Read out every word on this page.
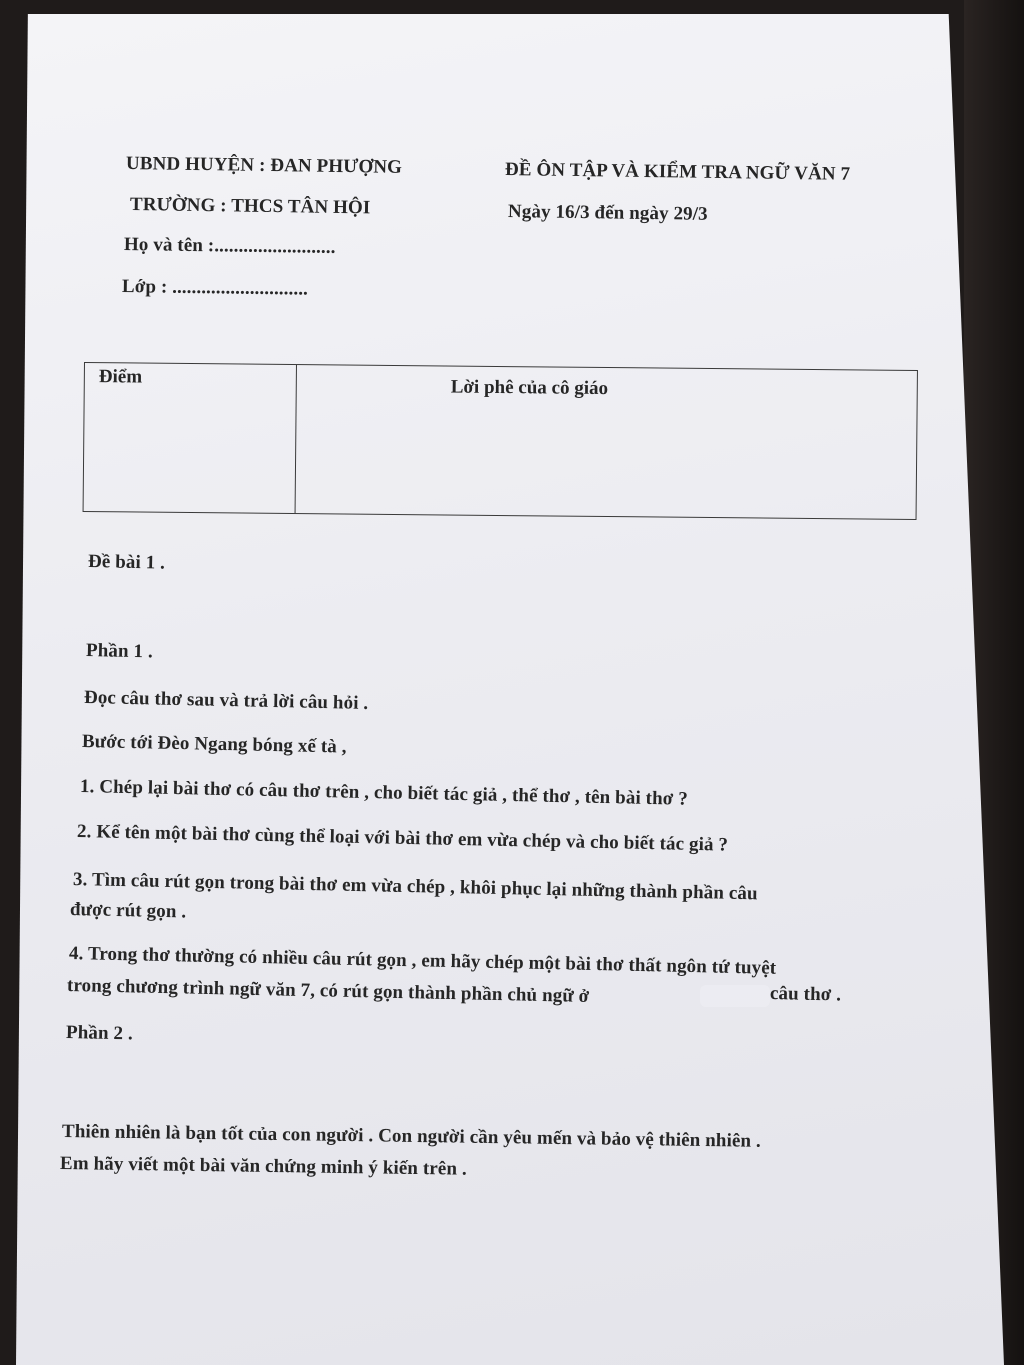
UBND HUYỆN : ĐAN PHƯỢNG
TRƯỜNG : THCS TÂN HỘI
Họ và tên :.........................
Lớp : ............................
ĐỀ ÔN TẬP VÀ KIỂM TRA NGỮ VĂN 7
Ngày 16/3 đến ngày 29/3
Điểm	Lời phê của cô giáo
Đề bài 1 .
Phần 1 .
Đọc câu thơ sau và trả lời câu hỏi .
Bước tới Đèo Ngang bóng xế tà ,
1. Chép lại bài thơ có câu thơ trên , cho biết tác giả , thể thơ , tên bài thơ ?
2. Kể tên một bài thơ cùng thể loại với bài thơ em vừa chép và cho biết tác giả ?
3. Tìm câu rút gọn trong bài thơ em vừa chép , khôi phục lại những thành phần câu
được rút gọn .
4. Trong thơ thường có nhiều câu rút gọn , em hãy chép một bài thơ thất ngôn tứ tuyệt
trong chương trình ngữ văn 7, có rút gọn thành phần chủ ngữ ở	câu thơ .
Phần 2 .
Thiên nhiên là bạn tốt của con người . Con người cần yêu mến và bảo vệ thiên nhiên .
Em hãy viết một bài văn chứng minh ý kiến trên .
